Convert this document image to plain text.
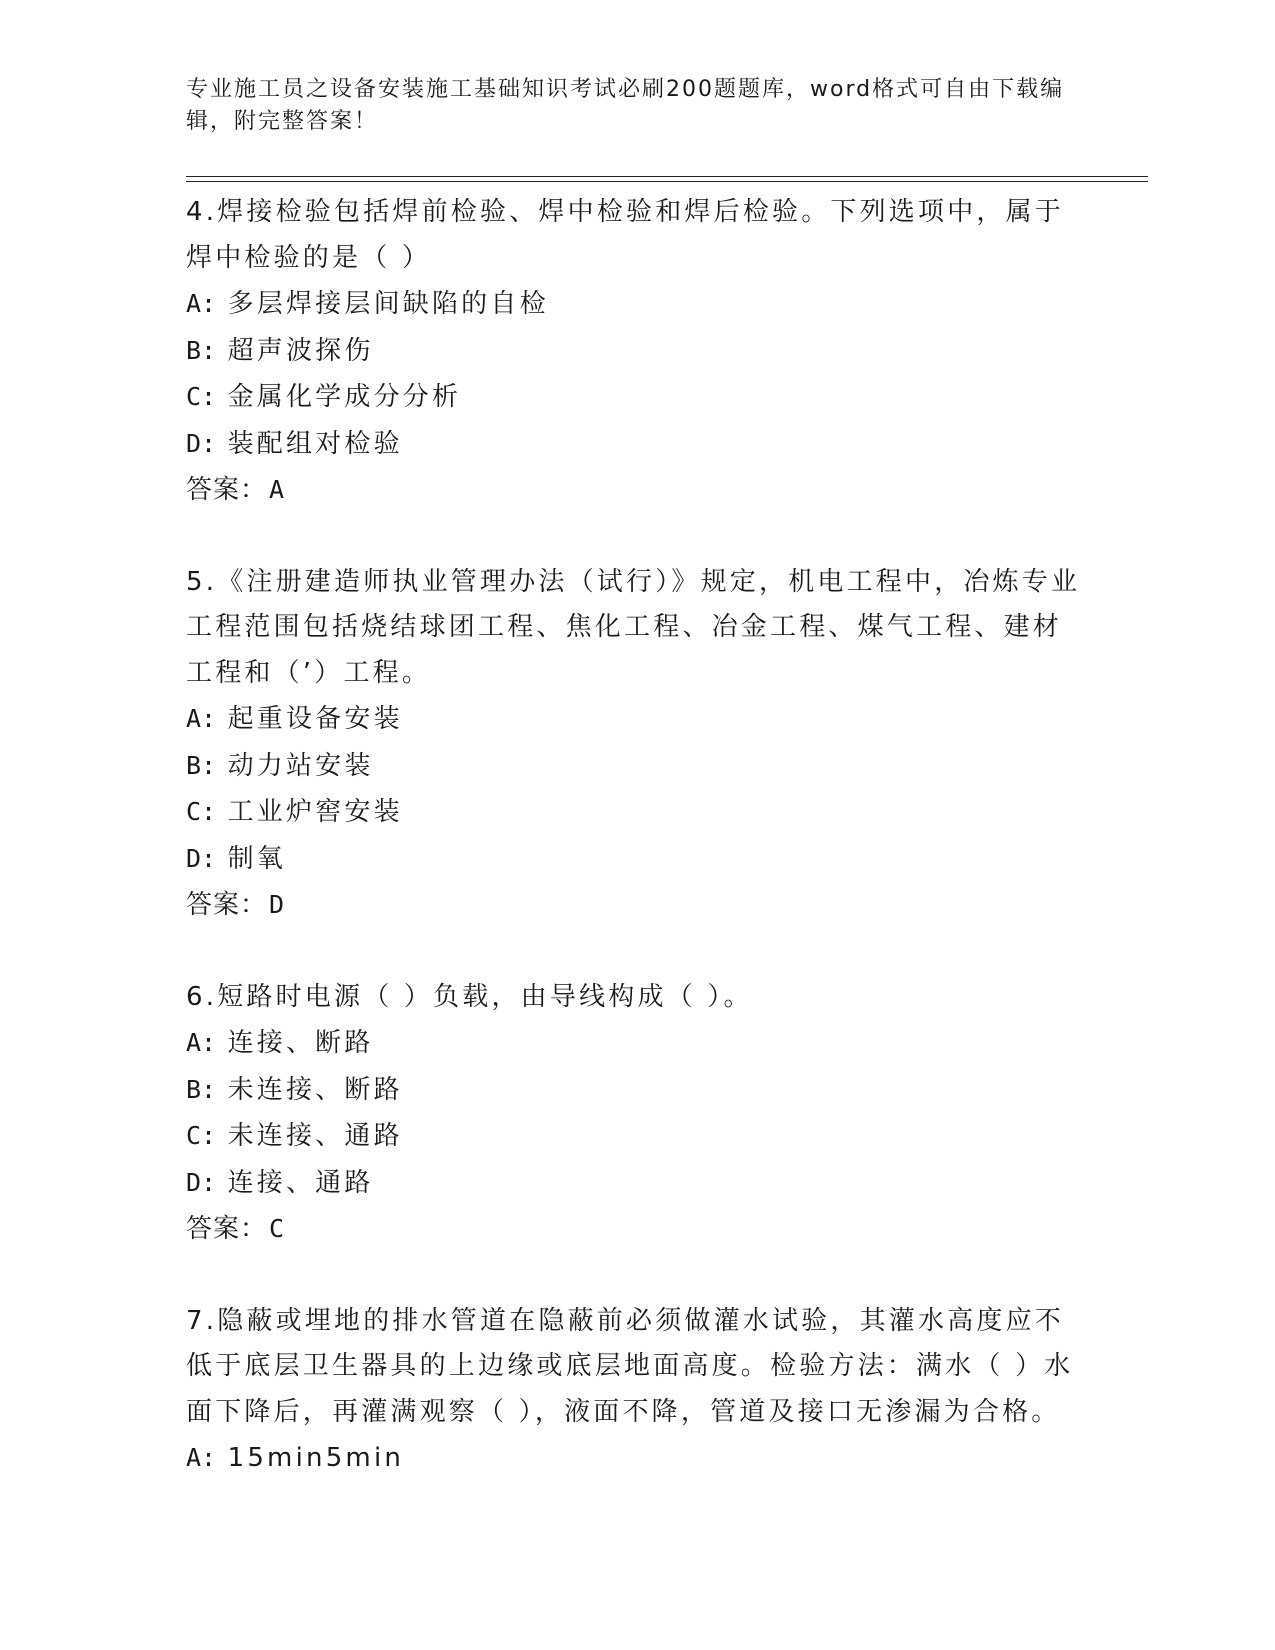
专业施工员之设备安装施工基础知识考试必刷200题题库，word格式可自由下载编辑，附完整答案！
4.焊接检验包括焊前检验、焊中检验和焊后检验。下列选项中，属于焊中检验的是（ ）
A: 多层焊接层间缺陷的自检
B: 超声波探伤
C: 金属化学成分分析
D: 装配组对检验
答案：A
5.《注册建造师执业管理办法（试行）》规定，机电工程中，冶炼专业工程范围包括烧结球团工程、焦化工程、冶金工程、煤气工程、建材工程和（’）工程。
A: 起重设备安装
B: 动力站安装
C: 工业炉窖安装
D: 制氧
答案：D
6.短路时电源（ ）负载，由导线构成（ ）。
A: 连接、断路
B: 未连接、断路
C: 未连接、通路
D: 连接、通路
答案：C
7.隐蔽或埋地的排水管道在隐蔽前必须做灌水试验，其灌水高度应不低于底层卫生器具的上边缘或底层地面高度。检验方法：满水（ ）水面下降后，再灌满观察（ ），液面不降，管道及接口无渗漏为合格。
A: 15min5min
